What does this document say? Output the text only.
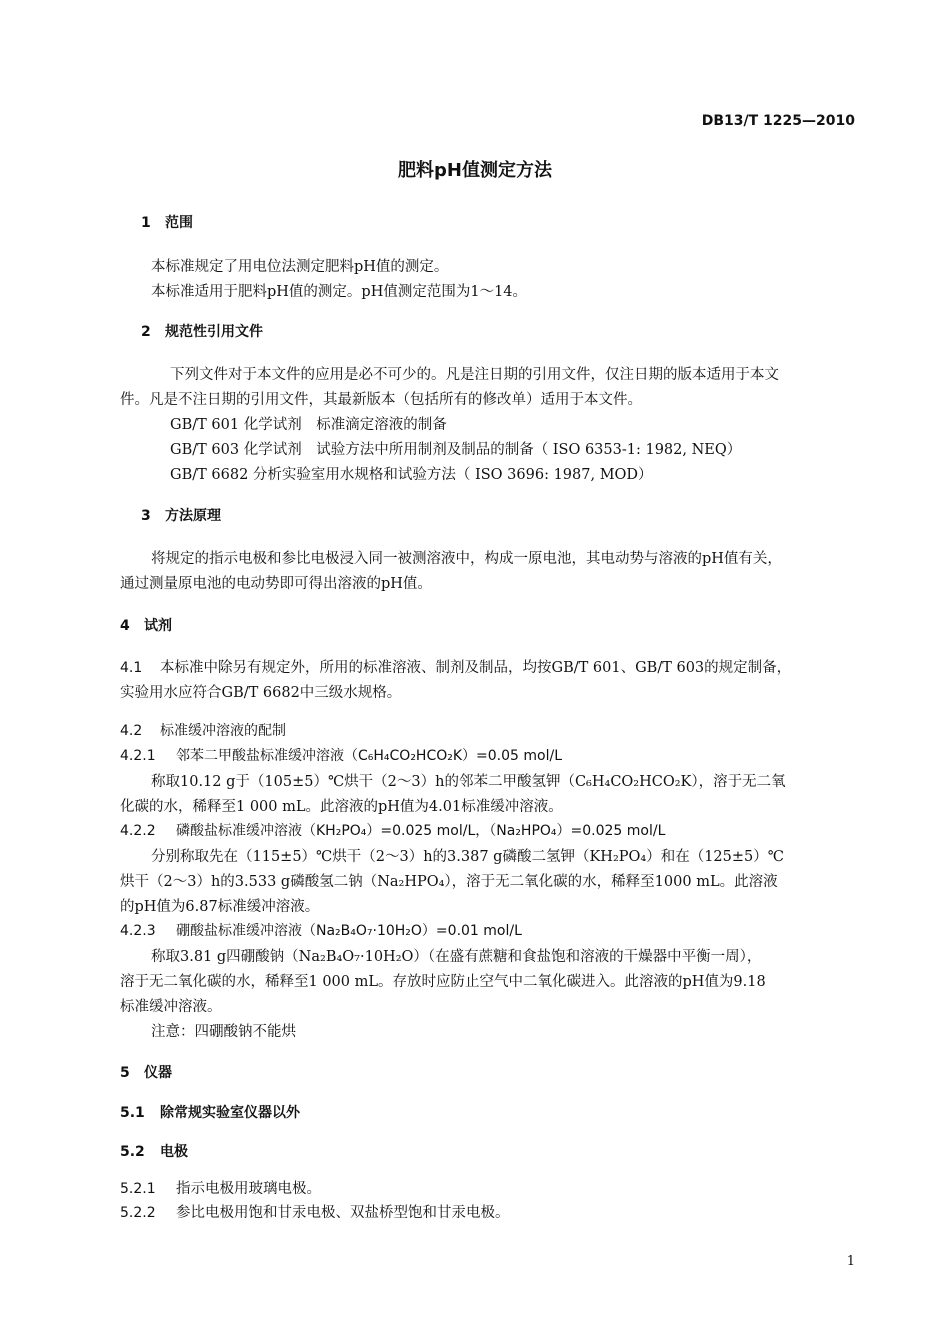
DB13/T 1225—2010
肥料pH值测定方法
1 范围
本标准规定了用电位法测定肥料pH值的测定。
本标准适用于肥料pH值的测定。pH值测定范围为1～14。
2 规范性引用文件
下列文件对于本文件的应用是必不可少的。凡是注日期的引用文件，仅注日期的版本适用于本文
件。凡是不注日期的引用文件，其最新版本（包括所有的修改单）适用于本文件。
GB/T 601 化学试剂　标准滴定溶液的制备
GB/T 603 化学试剂　试验方法中所用制剂及制品的制备（ ISO 6353-1: 1982, NEQ）
GB/T 6682 分析实验室用水规格和试验方法（ ISO 3696: 1987, MOD）
3 方法原理
将规定的指示电极和参比电极浸入同一被测溶液中，构成一原电池，其电动势与溶液的pH值有关，
通过测量原电池的电动势即可得出溶液的pH值。
4 试剂
4.1 本标准中除另有规定外，所用的标准溶液、制剂及制品，均按GB/T 601、GB/T 603的规定制备，
实验用水应符合GB/T 6682中三级水规格。
4.2 标准缓冲溶液的配制
4.2.1 邻苯二甲酸盐标准缓冲溶液（C₆H₄CO₂HCO₂K）=0.05 mol/L
称取10.12 g于（105±5）℃烘干（2～3）h的邻苯二甲酸氢钾（C₆H₄CO₂HCO₂K），溶于无二氧
化碳的水，稀释至1 000 mL。此溶液的pH值为4.01标准缓冲溶液。
4.2.2 磷酸盐标准缓冲溶液（KH₂PO₄）=0.025 mol/L，（Na₂HPO₄）=0.025 mol/L
分别称取先在（115±5）℃烘干（2～3）h的3.387 g磷酸二氢钾（KH₂PO₄）和在（125±5）℃
烘干（2～3）h的3.533 g磷酸氢二钠（Na₂HPO₄），溶于无二氧化碳的水，稀释至1000 mL。此溶液
的pH值为6.87标准缓冲溶液。
4.2.3 硼酸盐标准缓冲溶液（Na₂B₄O₇·10H₂O）=0.01 mol/L
称取3.81 g四硼酸钠（Na₂B₄O₇·10H₂O）（在盛有蔗糖和食盐饱和溶液的干燥器中平衡一周），
溶于无二氧化碳的水，稀释至1 000 mL。存放时应防止空气中二氧化碳进入。此溶液的pH值为9.18
标准缓冲溶液。
注意：四硼酸钠不能烘
5 仪器
5.1 除常规实验室仪器以外
5.2 电极
5.2.1 指示电极用玻璃电极。
5.2.2 参比电极用饱和甘汞电极、双盐桥型饱和甘汞电极。
1
